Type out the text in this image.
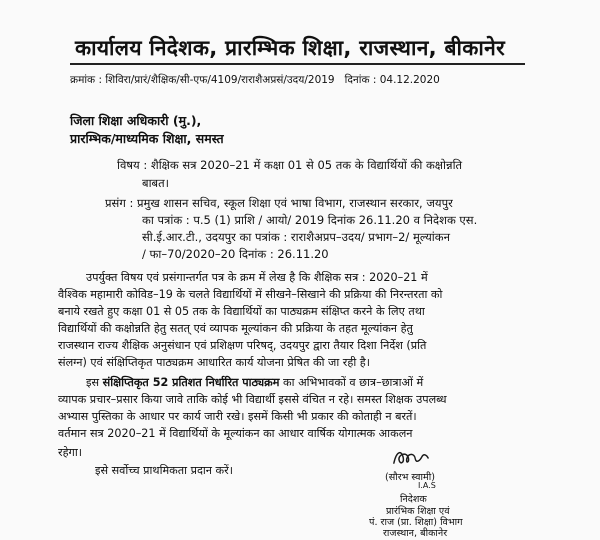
कार्यालय निदेशक, प्रारम्भिक शिक्षा, राजस्थान, बीकानेर
क्रमांक : शिविरा/प्रारं/शैक्षिक/सी-एफ/4109/राराशैअप्रसं/उदय/2019 दिनांक : 04.12.2020
जिला शिक्षा अधिकारी (मु.),
प्रारम्भिक/माध्यमिक शिक्षा, समस्त
विषय : शैक्षिक सत्र 2020–21 में कक्षा 01 से 05 तक के विद्यार्थियों की कक्षोन्नति
बाबत।
प्रसंग : प्रमुख शासन सचिव, स्कूल शिक्षा एवं भाषा विभाग, राजस्थान सरकार, जयपुर
का पत्रांक : प.5 (1) प्राशि / आयो/ 2019 दिनांक 26.11.20 व निदेशक एस.
सी.ई.आर.टी., उदयपुर का पत्रांक : राराशैअप्रप–उदय/ प्रभाग–2/ मूल्यांकन
/ फा–70/2020–20 दिनांक : 26.11.20
उपर्युक्त विषय एवं प्रसंगान्तर्गत पत्र के क्रम में लेख है कि शैक्षिक सत्र : 2020–21 में
वैश्विक महामारी कोविड–19 के चलते विद्यार्थियों में सीखने–सिखाने की प्रक्रिया की निरन्तरता को
बनाये रखते हुए कक्षा 01 से 05 तक के विद्यार्थियों का पाठ्यक्रम संक्षिप्त करने के लिए तथा
विद्यार्थियों की कक्षोन्नति हेतु सतत् एवं व्यापक मूल्यांकन की प्रक्रिया के तहत मूल्यांकन हेतु
राजस्थान राज्य शैक्षिक अनुसंधान एवं प्रशिक्षण परिषद्, उदयपुर द्वारा तैयार दिशा निर्देश (प्रति
संलग्न) एवं संक्षिप्तिकृत पाठ्यक्रम आधारित कार्य योजना प्रेषित की जा रही है।
इस संक्षिप्तिकृत 52 प्रतिशत निर्धारित पाठ्यक्रम का अभिभावकों व छात्र–छात्राओं में
व्यापक प्रचार–प्रसार किया जावे ताकि कोई भी विद्यार्थी इससे वंचित न रहे। समस्त शिक्षक उपलब्ध
अभ्यास पुस्तिका के आधार पर कार्य जारी रखे। इसमें किसी भी प्रकार की कोताही न बरतें।
वर्तमान सत्र 2020–21 में विद्यार्थियों के मूल्यांकन का आधार वार्षिक योगात्मक आकलन
रहेगा।
इसे सर्वोच्च प्राथमिकता प्रदान करें।
(सौरभ स्वामी)
I.A.S
निदेशक
प्रारंभिक शिक्षा एवं
पं. राज (प्रा. शिक्षा) विभाग
राजस्थान, बीकानेर
